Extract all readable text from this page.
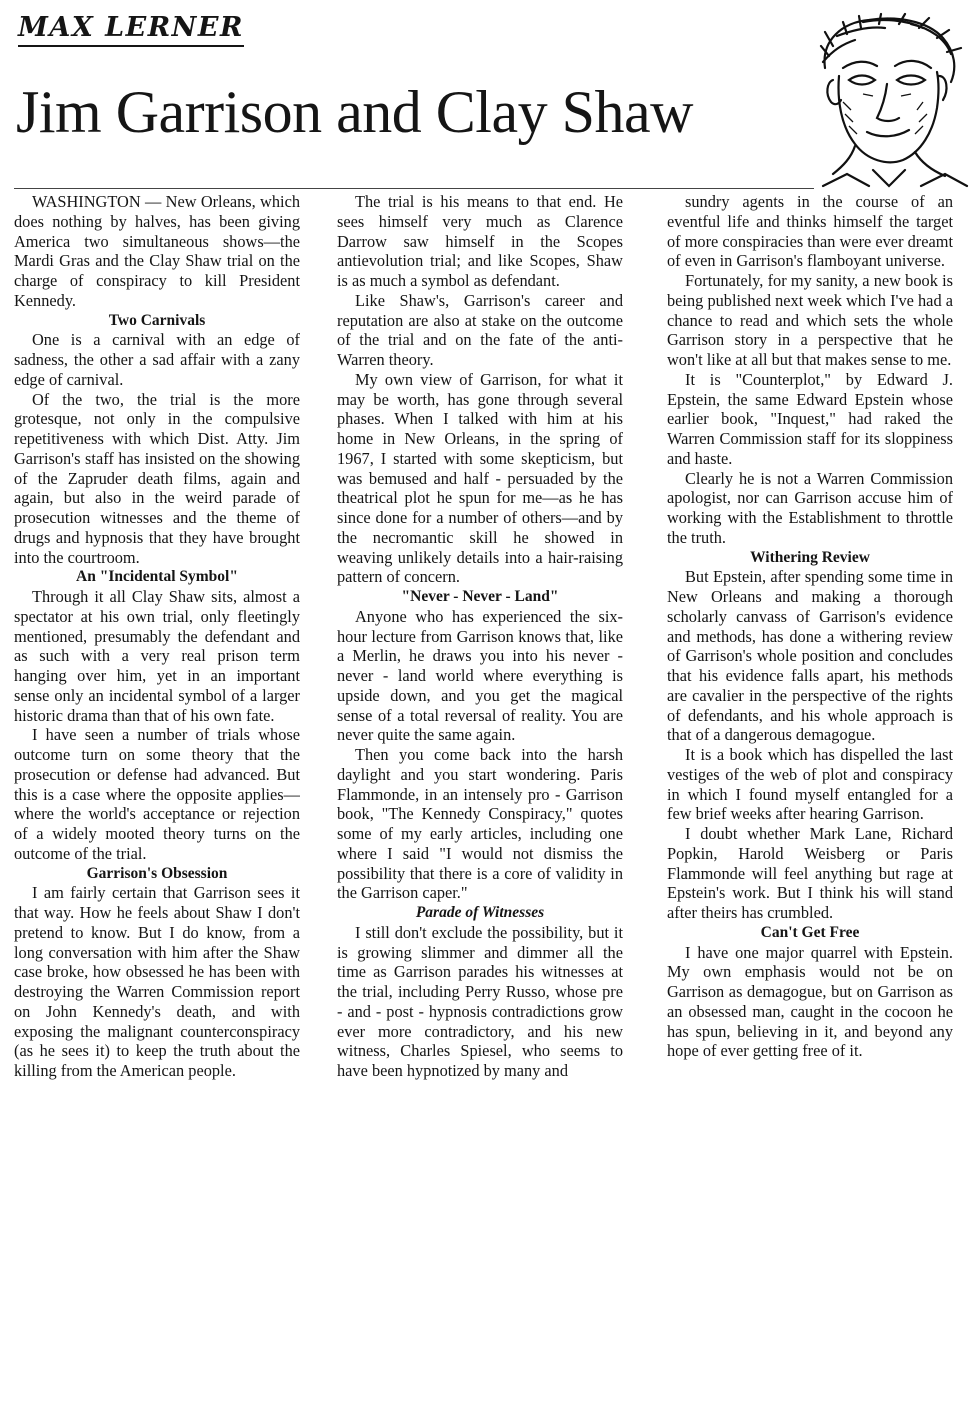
MAX LERNER
Jim Garrison and Clay Shaw

WASHINGTON — New Orleans, which does nothing by halves, has been giving America two simultaneous shows—the Mardi Gras and the Clay Shaw trial on the charge of conspiracy to kill President Kennedy.

Two Carnivals

One is a carnival with an edge of sadness, the other a sad affair with a zany edge of carnival.

Of the two, the trial is the more grotesque, not only in the compulsive repetitiveness with which Dist. Atty. Jim Garrison's staff has insisted on the showing of the Zapruder death films, again and again, but also in the weird parade of prosecution witnesses and the theme of drugs and hypnosis that they have brought into the courtroom.

An "Incidental Symbol"

Through it all Clay Shaw sits, almost a spectator at his own trial, only fleetingly mentioned, presumably the defendant and as such with a very real prison term hanging over him, yet in an important sense only an incidental symbol of a larger historic drama than that of his own fate.

I have seen a number of trials whose outcome turn on some theory that the prosecution or defense had advanced. But this is a case where the opposite applies—where the world's acceptance or rejection of a widely mooted theory turns on the outcome of the trial.

Garrison's Obsession

I am fairly certain that Garrison sees it that way. How he feels about Shaw I don't pretend to know. But I do know, from a long conversation with him after the Shaw case broke, how obsessed he has been with destroying the Warren Commission report on John Kennedy's death, and with exposing the malignant counterconspiracy (as he sees it) to keep the truth about the killing from the American people.

The trial is his means to that end. He sees himself very much as Clarence Darrow saw himself in the Scopes antievolution trial; and like Scopes, Shaw is as much a symbol as defendant.

Like Shaw's, Garrison's career and reputation are also at stake on the outcome of the trial and on the fate of the anti-Warren theory.

My own view of Garrison, for what it may be worth, has gone through several phases. When I talked with him at his home in New Orleans, in the spring of 1967, I started with some skepticism, but was bemused and half - persuaded by the theatrical plot he spun for me—as he has since done for a number of others—and by the necromantic skill he showed in weaving unlikely details into a hair-raising pattern of concern.

"Never - Never - Land"

Anyone who has experienced the six-hour lecture from Garrison knows that, like a Merlin, he draws you into his never - never - land world where everything is upside down, and you get the magical sense of a total reversal of reality. You are never quite the same again.

Then you come back into the harsh daylight and you start wondering. Paris Flammonde, in an intensely pro - Garrison book, "The Kennedy Conspiracy," quotes some of my early articles, including one where I said "I would not dismiss the possibility that there is a core of validity in the Garrison caper."

Parade of Witnesses

I still don't exclude the possibility, but it is growing slimmer and dimmer all the time as Garrison parades his witnesses at the trial, including Perry Russo, whose pre - and - post - hypnosis contradictions grow ever more contradictory, and his new witness, Charles Spiesel, who seems to have been hypnotized by many and

sundry agents in the course of an eventful life and thinks himself the target of more conspiracies than were ever dreamt of even in Garrison's flamboyant universe.

Fortunately, for my sanity, a new book is being published next week which I've had a chance to read and which sets the whole Garrison story in a perspective that he won't like at all but that makes sense to me.

It is "Counterplot," by Edward J. Epstein, the same Edward Epstein whose earlier book, "Inquest," had raked the Warren Commission staff for its sloppiness and haste.

Clearly he is not a Warren Commission apologist, nor can Garrison accuse him of working with the Establishment to throttle the truth.

Withering Review

But Epstein, after spending some time in New Orleans and making a thorough scholarly canvass of Garrison's evidence and methods, has done a withering review of Garrison's whole position and concludes that his evidence falls apart, his methods are cavalier in the perspective of the rights of defendants, and his whole approach is that of a dangerous demagogue.

It is a book which has dispelled the last vestiges of the web of plot and conspiracy in which I found myself entangled for a few brief weeks after hearing Garrison.

I doubt whether Mark Lane, Richard Popkin, Harold Weisberg or Paris Flammonde will feel anything but rage at Epstein's work. But I think his will stand after theirs has crumbled.

Can't Get Free

I have one major quarrel with Epstein. My own emphasis would not be on Garrison as demagogue, but on Garrison as an obsessed man, caught in the cocoon he has spun, believing in it, and beyond any hope of ever getting free of it.
